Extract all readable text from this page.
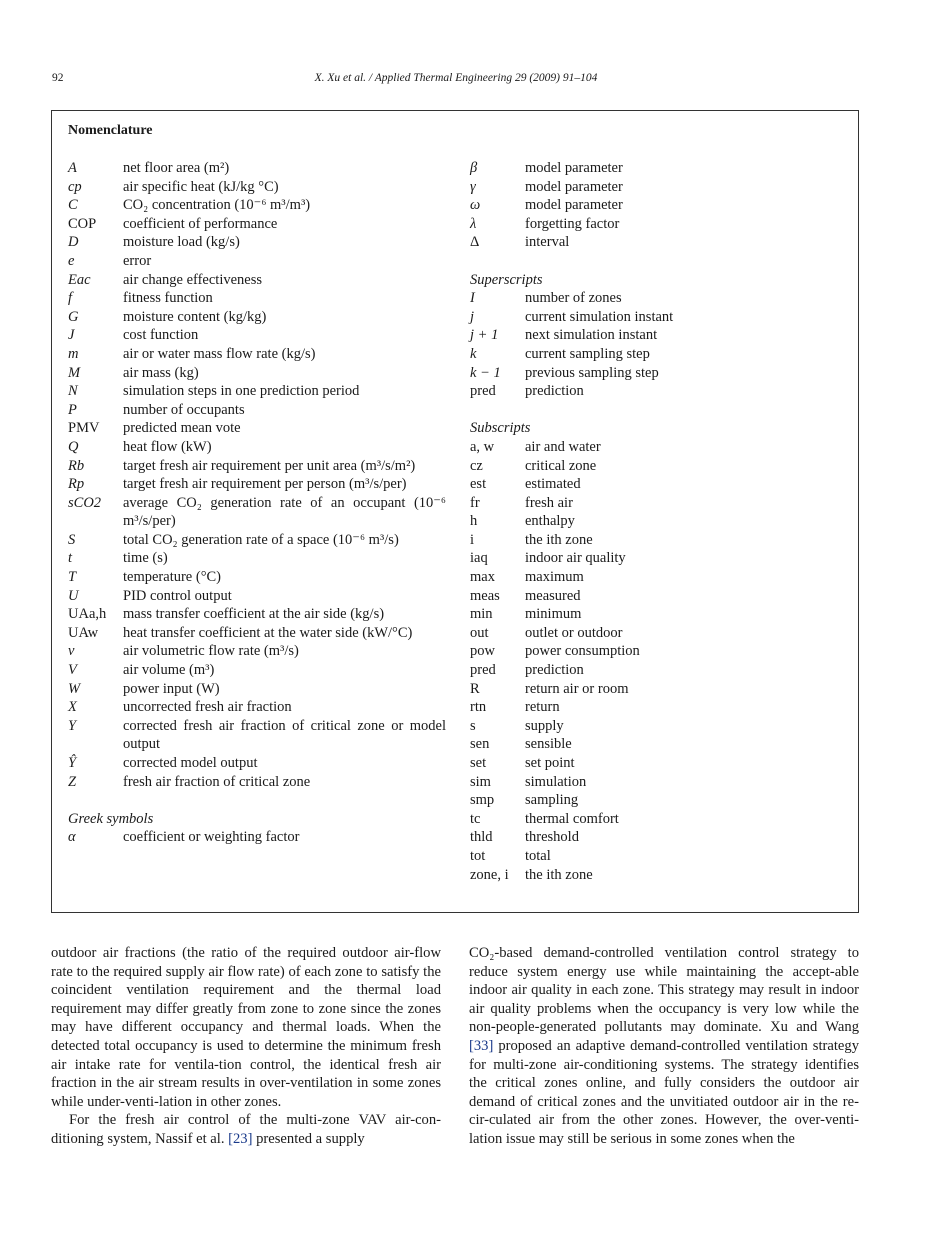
92	X. Xu et al. / Applied Thermal Engineering 29 (2009) 91–104
Nomenclature
A	net floor area (m²)
cp	air specific heat (kJ/kg °C)
C	CO₂ concentration (10⁻⁶ m³/m³)
COP	coefficient of performance
D	moisture load (kg/s)
e	error
Eac	air change effectiveness
f	fitness function
G	moisture content (kg/kg)
J	cost function
m	air or water mass flow rate (kg/s)
M	air mass (kg)
N	simulation steps in one prediction period
P	number of occupants
PMV	predicted mean vote
Q	heat flow (kW)
Rb	target fresh air requirement per unit area (m³/s/m²)
Rp	target fresh air requirement per person (m³/s/per)
sCO2	average CO₂ generation rate of an occupant (10⁻⁶ m³/s/per)
S	total CO₂ generation rate of a space (10⁻⁶ m³/s)
t	time (s)
T	temperature (°C)
U	PID control output
UAa,h	mass transfer coefficient at the air side (kg/s)
UAw	heat transfer coefficient at the water side (kW/°C)
v	air volumetric flow rate (m³/s)
V	air volume (m³)
W	power input (W)
X	uncorrected fresh air fraction
Y	corrected fresh air fraction of critical zone or model output
Ŷ	corrected model output
Z	fresh air fraction of critical zone
Greek symbols
α	coefficient or weighting factor
β	model parameter
γ	model parameter
ω	model parameter
λ	forgetting factor
Δ	interval
Superscripts
I	number of zones
j	current simulation instant
j + 1	next simulation instant
k	current sampling step
k − 1	previous sampling step
pred	prediction
Subscripts
a, w	air and water
cz	critical zone
est	estimated
fr	fresh air
h	enthalpy
i	the ith zone
iaq	indoor air quality
max	maximum
meas	measured
min	minimum
out	outlet or outdoor
pow	power consumption
pred	prediction
R	return air or room
rtn	return
s	supply
sen	sensible
set	set point
sim	simulation
smp	sampling
tc	thermal comfort
thld	threshold
tot	total
zone, i	the ith zone

outdoor air fractions (the ratio of the required outdoor air-flow rate to the required supply air flow rate) of each zone to satisfy the coincident ventilation requirement and the thermal load requirement may differ greatly from zone to zone since the zones may have different occupancy and thermal loads. When the detected total occupancy is used to determine the minimum fresh air intake rate for ventila-tion control, the identical fresh air fraction in the air stream results in over-ventilation in some zones while under-venti-lation in other zones.

For the fresh air control of the multi-zone VAV air-con-ditioning system, Nassif et al. [23] presented a supply

CO₂-based demand-controlled ventilation control strategy to reduce system energy use while maintaining the accept-able indoor air quality in each zone. This strategy may result in indoor air quality problems when the occupancy is very low while the non-people-generated pollutants may dominate. Xu and Wang [33] proposed an adaptive demand-controlled ventilation strategy for multi-zone air-conditioning systems. The strategy identifies the critical zones online, and fully considers the outdoor air demand of critical zones and the unvitiated outdoor air in the re-cir-culated air from the other zones. However, the over-venti-lation issue may still be serious in some zones when the
